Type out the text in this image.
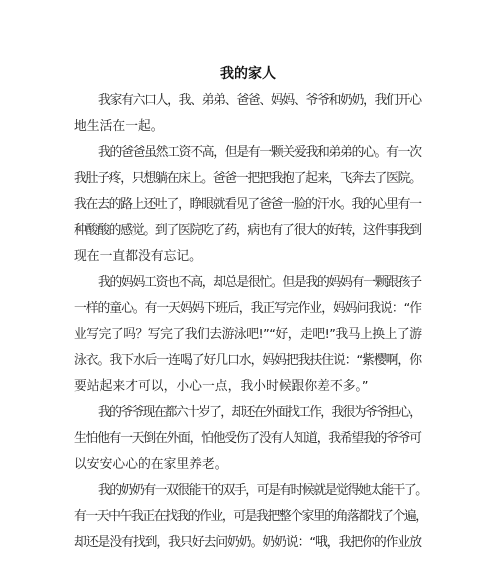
我的家人
我家有六口人，我、弟弟、爸爸、妈妈、爷爷和奶奶，我们开心
地生活在一起。
我的爸爸虽然工资不高，但是有一颗关爱我和弟弟的心。有一次
我肚子疼，只想躺在床上。爸爸一把把我抱了起来，飞奔去了医院。
我在去的路上还吐了，睁眼就看见了爸爸一脸的汗水。我的心里有一
种酸酸的感觉。到了医院吃了药，病也有了很大的好转，这件事我到
现在一直都没有忘记。
我的妈妈工资也不高，却总是很忙。但是我的妈妈有一颗跟孩子
一样的童心。有一天妈妈下班后，我正写完作业，妈妈问我说：“作
业写完了吗？写完了我们去游泳吧!”“好，走吧!”我马上换上了游
泳衣。我下水后一连喝了好几口水，妈妈把我扶住说：“紫樱啊，你
要站起来才可以，小心一点，我小时候跟你差不多。”
我的爷爷现在都六十岁了，却还在外面找工作，我很为爷爷担心，
生怕他有一天倒在外面，怕他受伤了没有人知道，我希望我的爷爷可
以安安心心的在家里养老。
我的奶奶有一双很能干的双手，可是有时候就是觉得她太能干了。
有一天中午我正在找我的作业，可是我把整个家里的角落都找了个遍，
却还是没有找到，我只好去问奶奶。奶奶说：“哦，我把你的作业放
